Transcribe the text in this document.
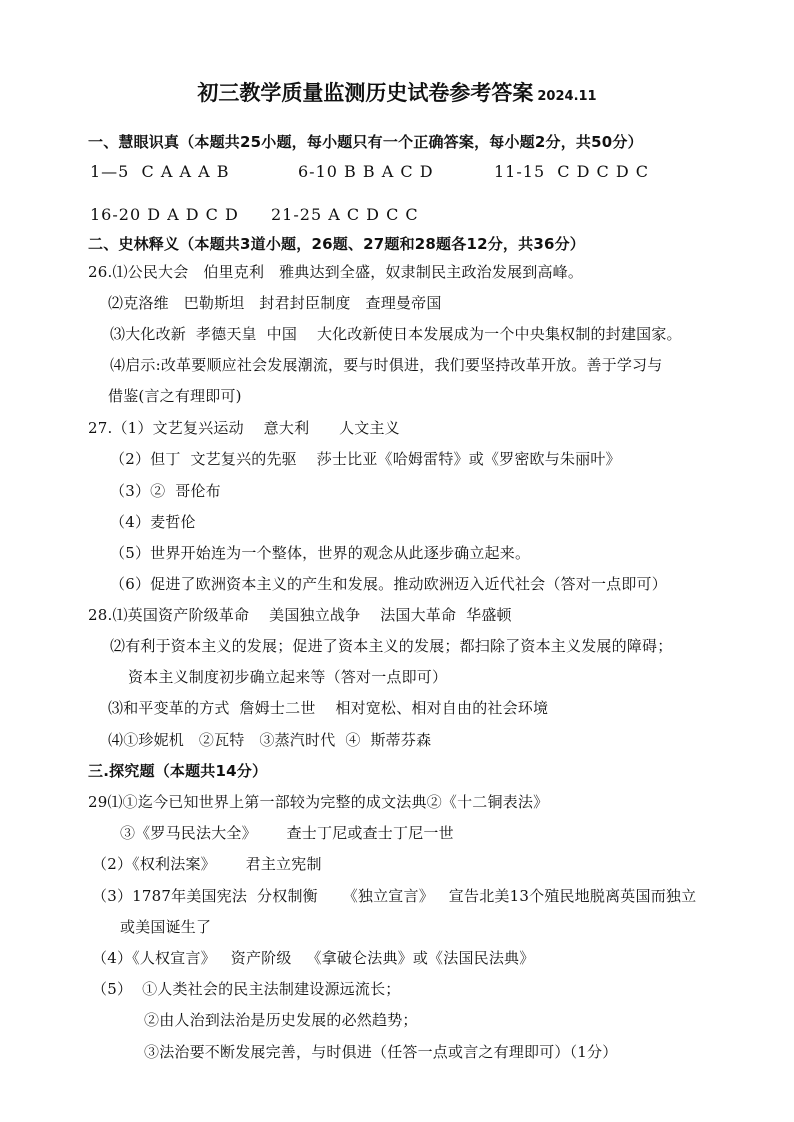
初三教学质量监测历史试卷参考答案 2024.11
一、慧眼识真（本题共25小题，每小题只有一个正确答案，每小题2分，共50分）
1—5  C A A A B	6-10 B B A C D	11-15  C D C D C
16-20 D A D C D 21-25 A C D C C
二、史林释义（本题共3道小题，26题、27题和28题各12分，共36分）
26.⑴公民大会   伯里克利   雅典达到全盛，奴隶制民主政治发展到高峰。
⑵克洛维   巴勒斯坦   封君封臣制度   查理曼帝国
⑶大化改新  孝德天皇  中国    大化改新使日本发展成为一个中央集权制的封建国家。
⑷启示:改革要顺应社会发展潮流，要与时俱进，我们要坚持改革开放。善于学习与
借鉴(言之有理即可)
27.（1）文艺复兴运动    意大利      人文主义
（2）但丁  文艺复兴的先驱    莎士比亚《哈姆雷特》或《罗密欧与朱丽叶》
（3）②  哥伦布
（4）麦哲伦
（5）世界开始连为一个整体，世界的观念从此逐步确立起来。
（6）促进了欧洲资本主义的产生和发展。推动欧洲迈入近代社会（答对一点即可）
28.⑴英国资产阶级革命    美国独立战争    法国大革命  华盛顿
⑵有利于资本主义的发展；促进了资本主义的发展；都扫除了资本主义发展的障碍；
资本主义制度初步确立起来等（答对一点即可）
⑶和平变革的方式  詹姆士二世    相对宽松、相对自由的社会环境
⑷①珍妮机   ②瓦特   ③蒸汽时代  ④  斯蒂芬森
三.探究题（本题共14分）
29⑴①迄今已知世界上第一部较为完整的成文法典②《十二铜表法》
③《罗马民法大全》      查士丁尼或查士丁尼一世
（2）《权利法案》      君主立宪制
（3）1787年美国宪法  分权制衡     《独立宣言》   宣告北美13个殖民地脱离英国而独立
或美国诞生了
（4）《人权宣言》   资产阶级   《拿破仑法典》或《法国民法典》
（5）  ①人类社会的民主法制建设源远流长；
②由人治到法治是历史发展的必然趋势；
③法治要不断发展完善，与时俱进（任答一点或言之有理即可）（1分）
